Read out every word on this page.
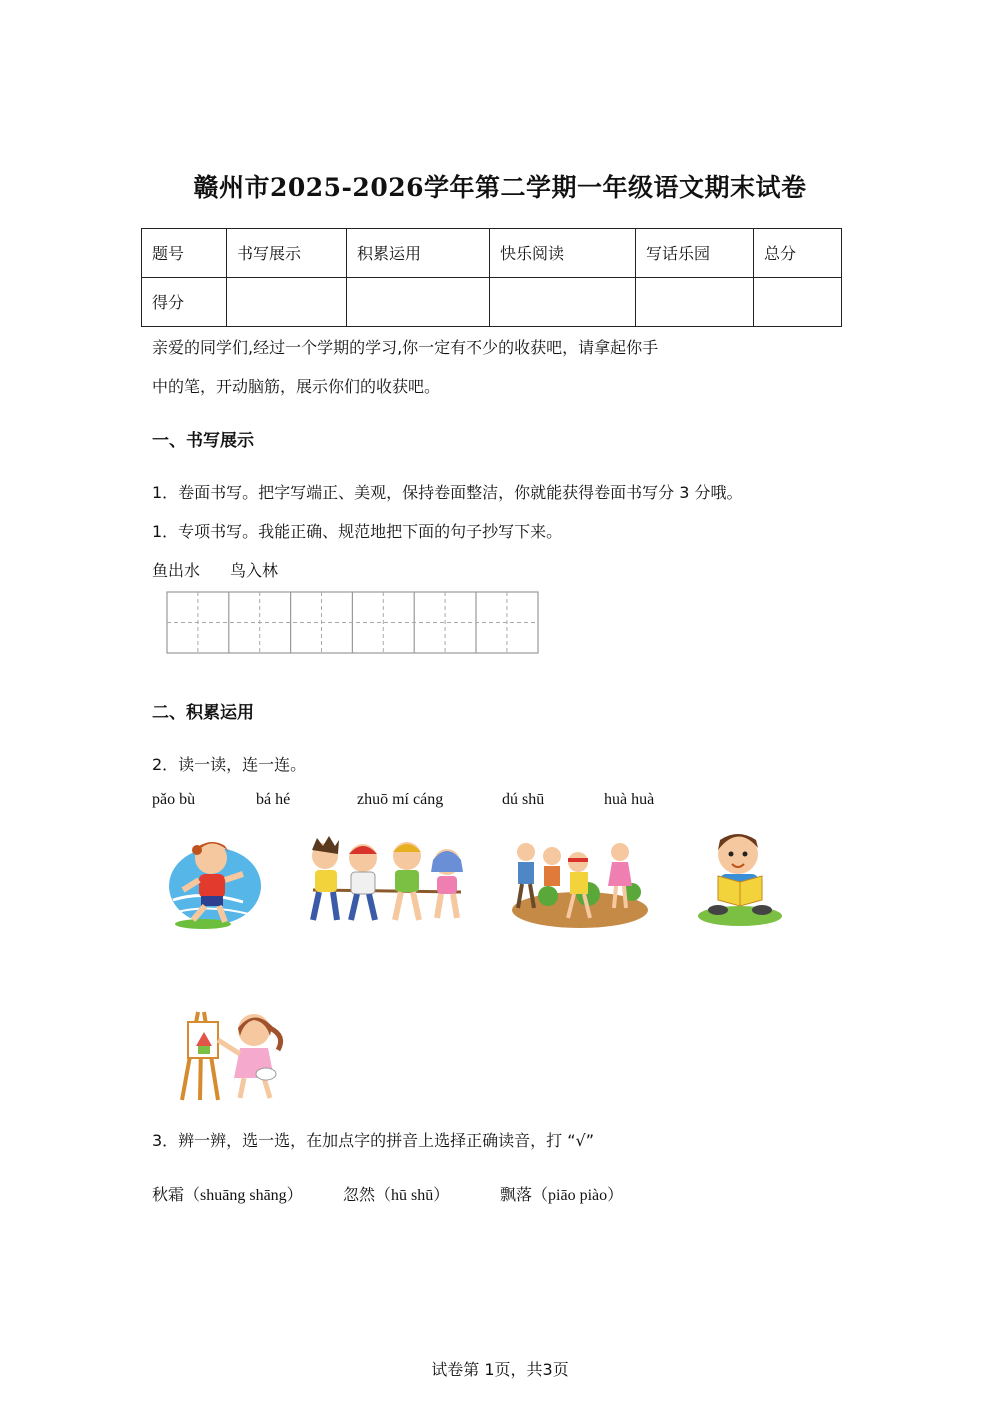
赣州市2025-2026学年第二学期一年级语文期末试卷
题号	书写展示	积累运用	快乐阅读	写话乐园	总分
得分					
亲爱的同学们,经过一个学期的学习,你一定有不少的收获吧，请拿起你手
中的笔，开动脑筋，展示你们的收获吧。
一、书写展示
1．卷面书写。把字写端正、美观，保持卷面整洁，你就能获得卷面书写分 3 分哦。
1．专项书写。我能正确、规范地把下面的句子抄写下来。
鱼出水 鸟入林
二、积累运用
2．读一读，连一连。
pǎo bù	bá hé	zhuō mí cáng	dú shū	huà huà
3．辨一辨，选一选，在加点字的拼音上选择正确读音，打 “√”
秋霜（shuāng shāng）	忽然（hū shū）	飘落（piāo piào）
试卷第 1页，共3页
